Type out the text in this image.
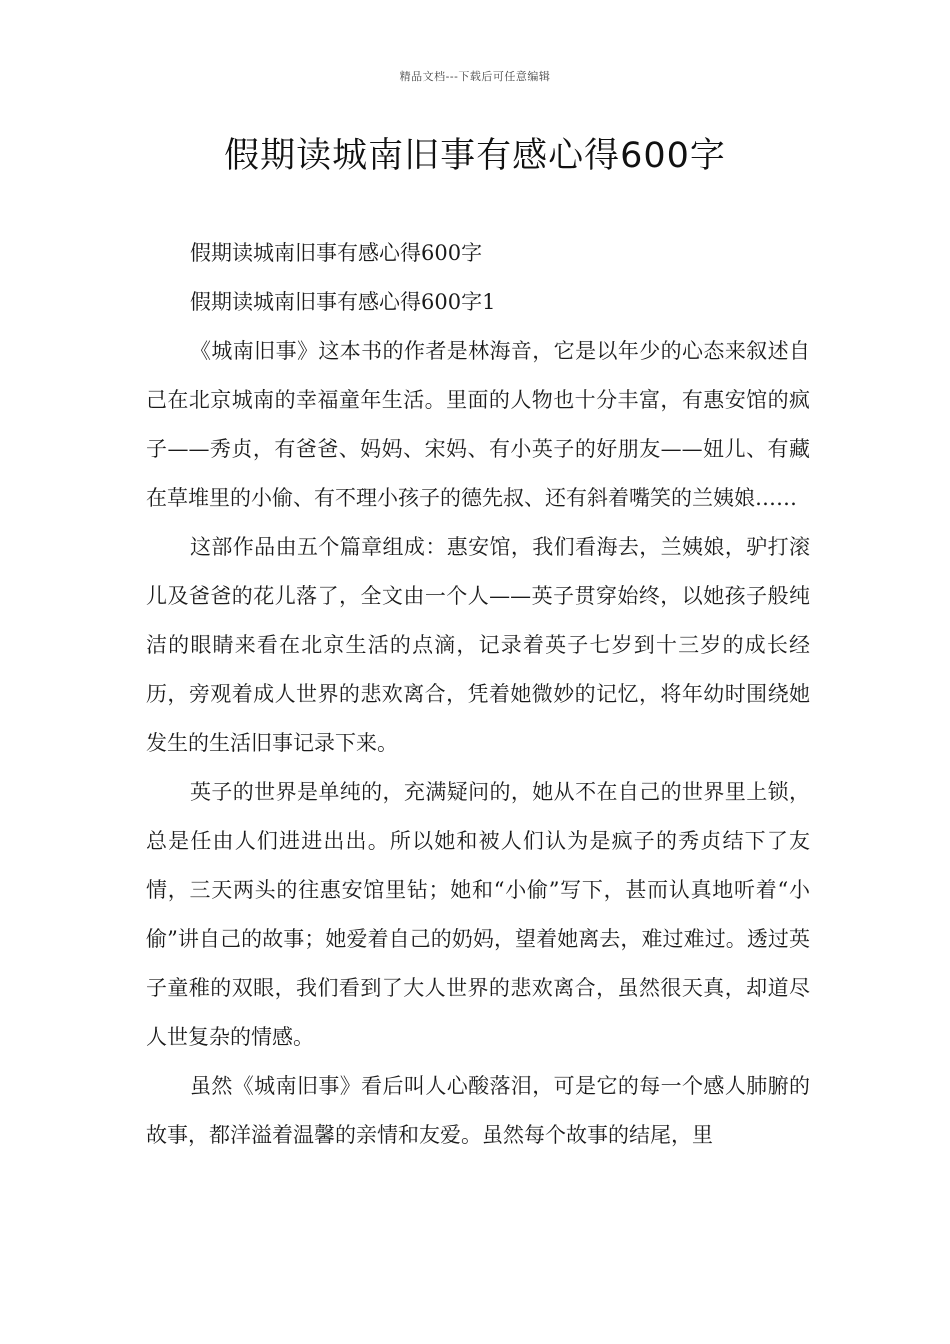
精品文档---下载后可任意编辑
假期读城南旧事有感心得600字

假期读城南旧事有感心得600字

假期读城南旧事有感心得600字1

《城南旧事》这本书的作者是林海音，它是以年少的心态来叙述自己在北京城南的幸福童年生活。里面的人物也十分丰富，有惠安馆的疯子——秀贞，有爸爸、妈妈、宋妈、有小英子的好朋友——妞儿、有藏在草堆里的小偷、有不理小孩子的德先叔、还有斜着嘴笑的兰姨娘……

这部作品由五个篇章组成：惠安馆，我们看海去，兰姨娘，驴打滚儿及爸爸的花儿落了，全文由一个人——英子贯穿始终，以她孩子般纯洁的眼睛来看在北京生活的点滴，记录着英子七岁到十三岁的成长经历，旁观着成人世界的悲欢离合，凭着她微妙的记忆，将年幼时围绕她发生的生活旧事记录下来。

英子的世界是单纯的，充满疑问的，她从不在自己的世界里上锁，总是任由人们进进出出。所以她和被人们认为是疯子的秀贞结下了友情，三天两头的往惠安馆里钻；她和“小偷”写下，甚而认真地听着“小偷”讲自己的故事；她爱着自己的奶妈，望着她离去，难过难过。透过英子童稚的双眼，我们看到了大人世界的悲欢离合，虽然很天真，却道尽人世复杂的情感。

虽然《城南旧事》看后叫人心酸落泪，可是它的每一个感人肺腑的故事，都洋溢着温馨的亲情和友爱。虽然每个故事的结尾，里
